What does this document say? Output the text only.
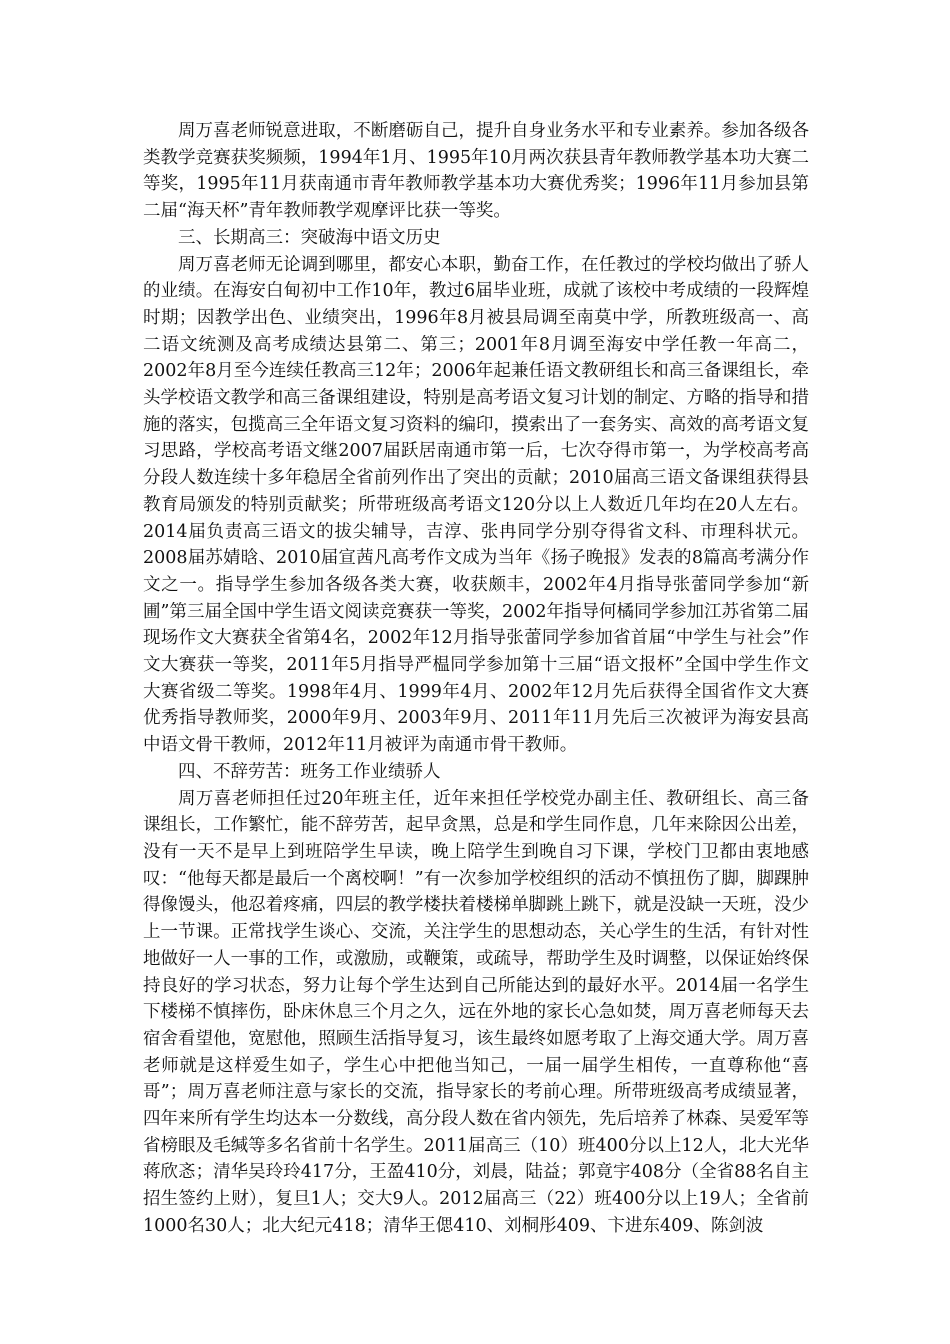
周万喜老师锐意进取，不断磨砺自己，提升自身业务水平和专业素养。参加各级各类教学竞赛获奖频频，1994年1月、1995年10月两次获县青年教师教学基本功大赛二等奖，1995年11月获南通市青年教师教学基本功大赛优秀奖；1996年11月参加县第二届“海天杯”青年教师教学观摩评比获一等奖。

三、长期高三：突破海中语文历史

周万喜老师无论调到哪里，都安心本职，勤奋工作，在任教过的学校均做出了骄人的业绩。在海安白甸初中工作10年，教过6届毕业班，成就了该校中考成绩的一段辉煌时期；因教学出色、业绩突出，1996年8月被县局调至南莫中学，所教班级高一、高二语文统测及高考成绩达县第二、第三；2001年8月调至海安中学任教一年高二，2002年8月至今连续任教高三12年；2006年起兼任语文教研组长和高三备课组长，牵头学校语文教学和高三备课组建设，特别是高考语文复习计划的制定、方略的指导和措施的落实，包揽高三全年语文复习资料的编印，摸索出了一套务实、高效的高考语文复习思路，学校高考语文继2007届跃居南通市第一后，七次夺得市第一，为学校高考高分段人数连续十多年稳居全省前列作出了突出的贡献；2010届高三语文备课组获得县教育局颁发的特别贡献奖；所带班级高考语文120分以上人数近几年均在20人左右。2014届负责高三语文的拔尖辅导，吉淳、张冉同学分别夺得省文科、市理科状元。2008届苏婧晗、2010届宣茜凡高考作文成为当年《扬子晚报》发表的8篇高考满分作文之一。指导学生参加各级各类大赛，收获颇丰，2002年4月指导张蕾同学参加“新圃”第三届全国中学生语文阅读竞赛获一等奖，2002年指导何橘同学参加江苏省第二届现场作文大赛获全省第4名，2002年12月指导张蕾同学参加省首届“中学生与社会”作文大赛获一等奖，2011年5月指导严榅同学参加第十三届“语文报杯”全国中学生作文大赛省级二等奖。1998年4月、1999年4月、2002年12月先后获得全国省作文大赛优秀指导教师奖，2000年9月、2003年9月、2011年11月先后三次被评为海安县高中语文骨干教师，2012年11月被评为南通市骨干教师。

四、不辞劳苦：班务工作业绩骄人

周万喜老师担任过20年班主任，近年来担任学校党办副主任、教研组长、高三备课组长，工作繁忙，能不辞劳苦，起早贪黑，总是和学生同作息，几年来除因公出差，没有一天不是早上到班陪学生早读，晚上陪学生到晚自习下课，学校门卫都由衷地感叹：“他每天都是最后一个离校啊！”有一次参加学校组织的活动不慎扭伤了脚，脚踝肿得像馒头，他忍着疼痛，四层的教学楼扶着楼梯单脚跳上跳下，就是没缺一天班，没少上一节课。正常找学生谈心、交流，关注学生的思想动态，关心学生的生活，有针对性地做好一人一事的工作，或激励，或鞭策，或疏导，帮助学生及时调整，以保证始终保持良好的学习状态，努力让每个学生达到自己所能达到的最好水平。2014届一名学生下楼梯不慎摔伤，卧床休息三个月之久，远在外地的家长心急如焚，周万喜老师每天去宿舍看望他，宽慰他，照顾生活指导复习，该生最终如愿考取了上海交通大学。周万喜老师就是这样爱生如子，学生心中把他当知己，一届一届学生相传，一直尊称他“喜哥”；周万喜老师注意与家长的交流，指导家长的考前心理。所带班级高考成绩显著，四年来所有学生均达本一分数线，高分段人数在省内领先，先后培养了林森、吴爱军等省榜眼及毛缄等多名省前十名学生。2011届高三（10）班400分以上12人，北大光华蒋欣忞；清华吴玲玲417分，王盈410分，刘晨，陆益；郭竟宇408分（全省88名自主招生签约上财），复旦1人；交大9人。2012届高三（22）班400分以上19人；全省前1000名30人；北大纪元418；清华王偲410、刘桐彤409、卞进东409、陈剑波
